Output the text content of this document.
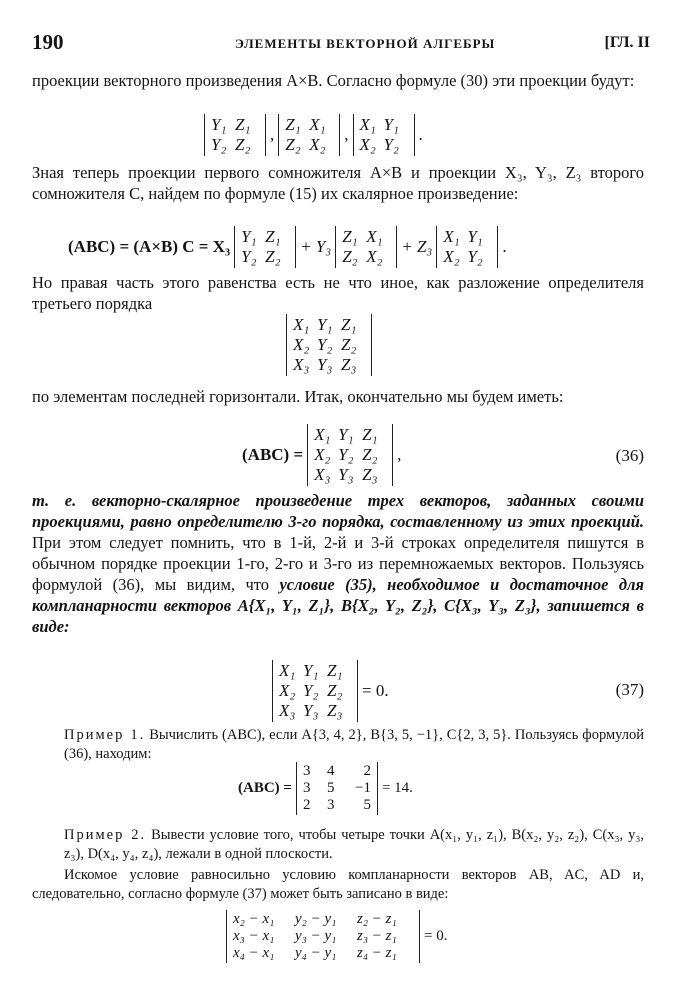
190	ЭЛЕМЕНТЫ ВЕКТОРНОЙ АЛГЕБРЫ	[ГЛ. II
проекции векторного произведения A×B. Согласно формуле (30) эти проекции будут:
Y₁ Z₁
Y₂ Z₂
,
Z₁ X₁
Z₂ X₂
,
X₁ Y₁
X₂ Y₂
.
Зная теперь проекции первого сомножителя A×B и проекции X₃, Y₃, Z₃ второго сомножителя C, найдем по формуле (15) их скалярное произведение:
(ABC) = (A×B) C = X₃
Y₁ Z₁
Y₂ Z₂
+ Y₃
Z₁ X₁
Z₂ X₂
+ Z₃
X₁ Y₁
X₂ Y₂
.
Но правая часть этого равенства есть не что иное, как разложение определителя третьего порядка
X₁ Y₁ Z₁
X₂ Y₂ Z₂
X₃ Y₃ Z₃
по элементам последней горизонтали. Итак, окончательно мы будем иметь:
(ABC) =
X₁ Y₁ Z₁
X₂ Y₂ Z₂
X₃ Y₃ Z₃
,	(36)
т. е. векторно-скалярное произведение трех векторов, заданных своими проекциями, равно определителю 3-го порядка, составленному из этих проекций. При этом следует помнить, что в 1-й, 2-й и 3-й строках определителя пишутся в обычном порядке проекции 1-го, 2-го и 3-го из перемножаемых векторов. Пользуясь формулой (36), мы видим, что условие (35), необходимое и достаточное для компланарности векторов A{X₁, Y₁, Z₁}, B{X₂, Y₂, Z₂}, C{X₃, Y₃, Z₃}, запишется в виде:
X₁ Y₁ Z₁
X₂ Y₂ Z₂
X₃ Y₃ Z₃
= 0.	(37)
Пример 1. Вычислить (ABC), если A{3, 4, 2}, B{3, 5, −1}, C{2, 3, 5}. Пользуясь формулой (36), находим:
(ABC) =
3 4 2
3 5 −1
2 3 5
= 14.
Пример 2. Вывести условие того, чтобы четыре точки A(x₁, y₁, z₁), B(x₂, y₂, z₂), C(x₃, y₃, z₃), D(x₄, y₄, z₄), лежали в одной плоскости.
Искомое условие равносильно условию компланарности векторов AB, AC, AD и, следовательно, согласно формуле (37) может быть записано в виде:
x₂ − x₁ y₂ − y₁ z₂ − z₁
x₃ − x₁ y₃ − y₁ z₃ − z₁
x₄ − x₁ y₄ − y₁ z₄ − z₁
= 0.
